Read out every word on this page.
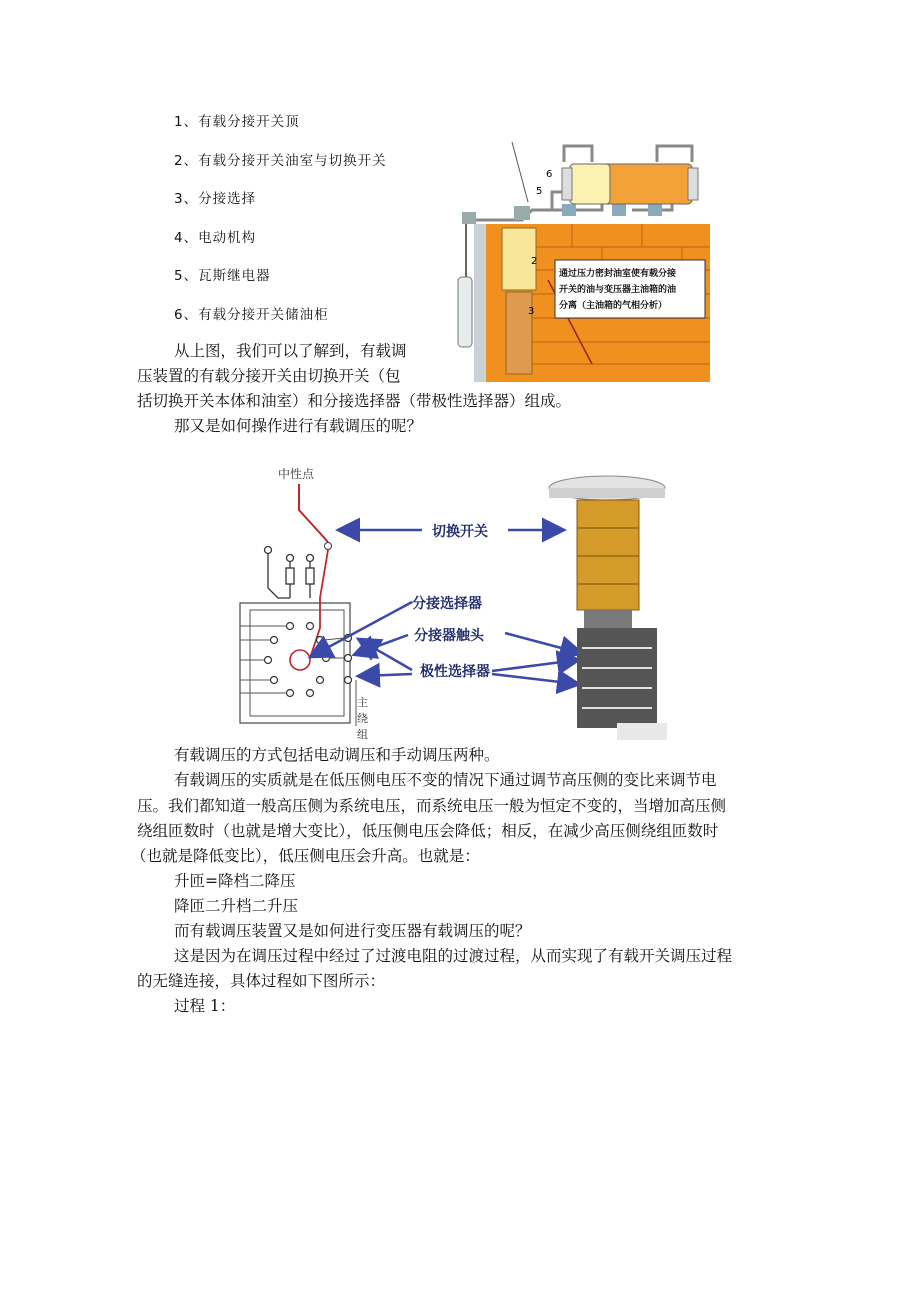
1、有载分接开关顶
2、有载分接开关油室与切换开关
3、分接选择
4、电动机构
5、瓦斯继电器
6、有载分接开关储油柜
6
5
2
3
通过压力密封油室使有载分接
开关的油与变压器主油箱的油
分离（主油箱的气相分析）

从上图，我们可以了解到，有载调

压装置的有载分接开关由切换开关（包

括切换开关本体和油室）和分接选择器（带极性选择器）组成。

那又是如何操作进行有载调压的呢？

中性点
主
绕
组
切换开关
分接选择器
分接器触头
极性选择器

有载调压的方式包括电动调压和手动调压两种。

有载调压的实质就是在低压侧电压不变的情况下通过调节高压侧的变比来调节电

压。我们都知道一般高压侧为系统电压，而系统电压一般为恒定不变的，当增加高压侧

绕组匝数时（也就是增大变比），低压侧电压会降低；相反，在减少高压侧绕组匝数时

（也就是降低变比），低压侧电压会升高。也就是：

升匝=降档二降压

降匝二升档二升压

而有载调压装置又是如何进行变压器有载调压的呢？

这是因为在调压过程中经过了过渡电阻的过渡过程，从而实现了有载开关调压过程

的无缝连接，具体过程如下图所示：

过程 1：
